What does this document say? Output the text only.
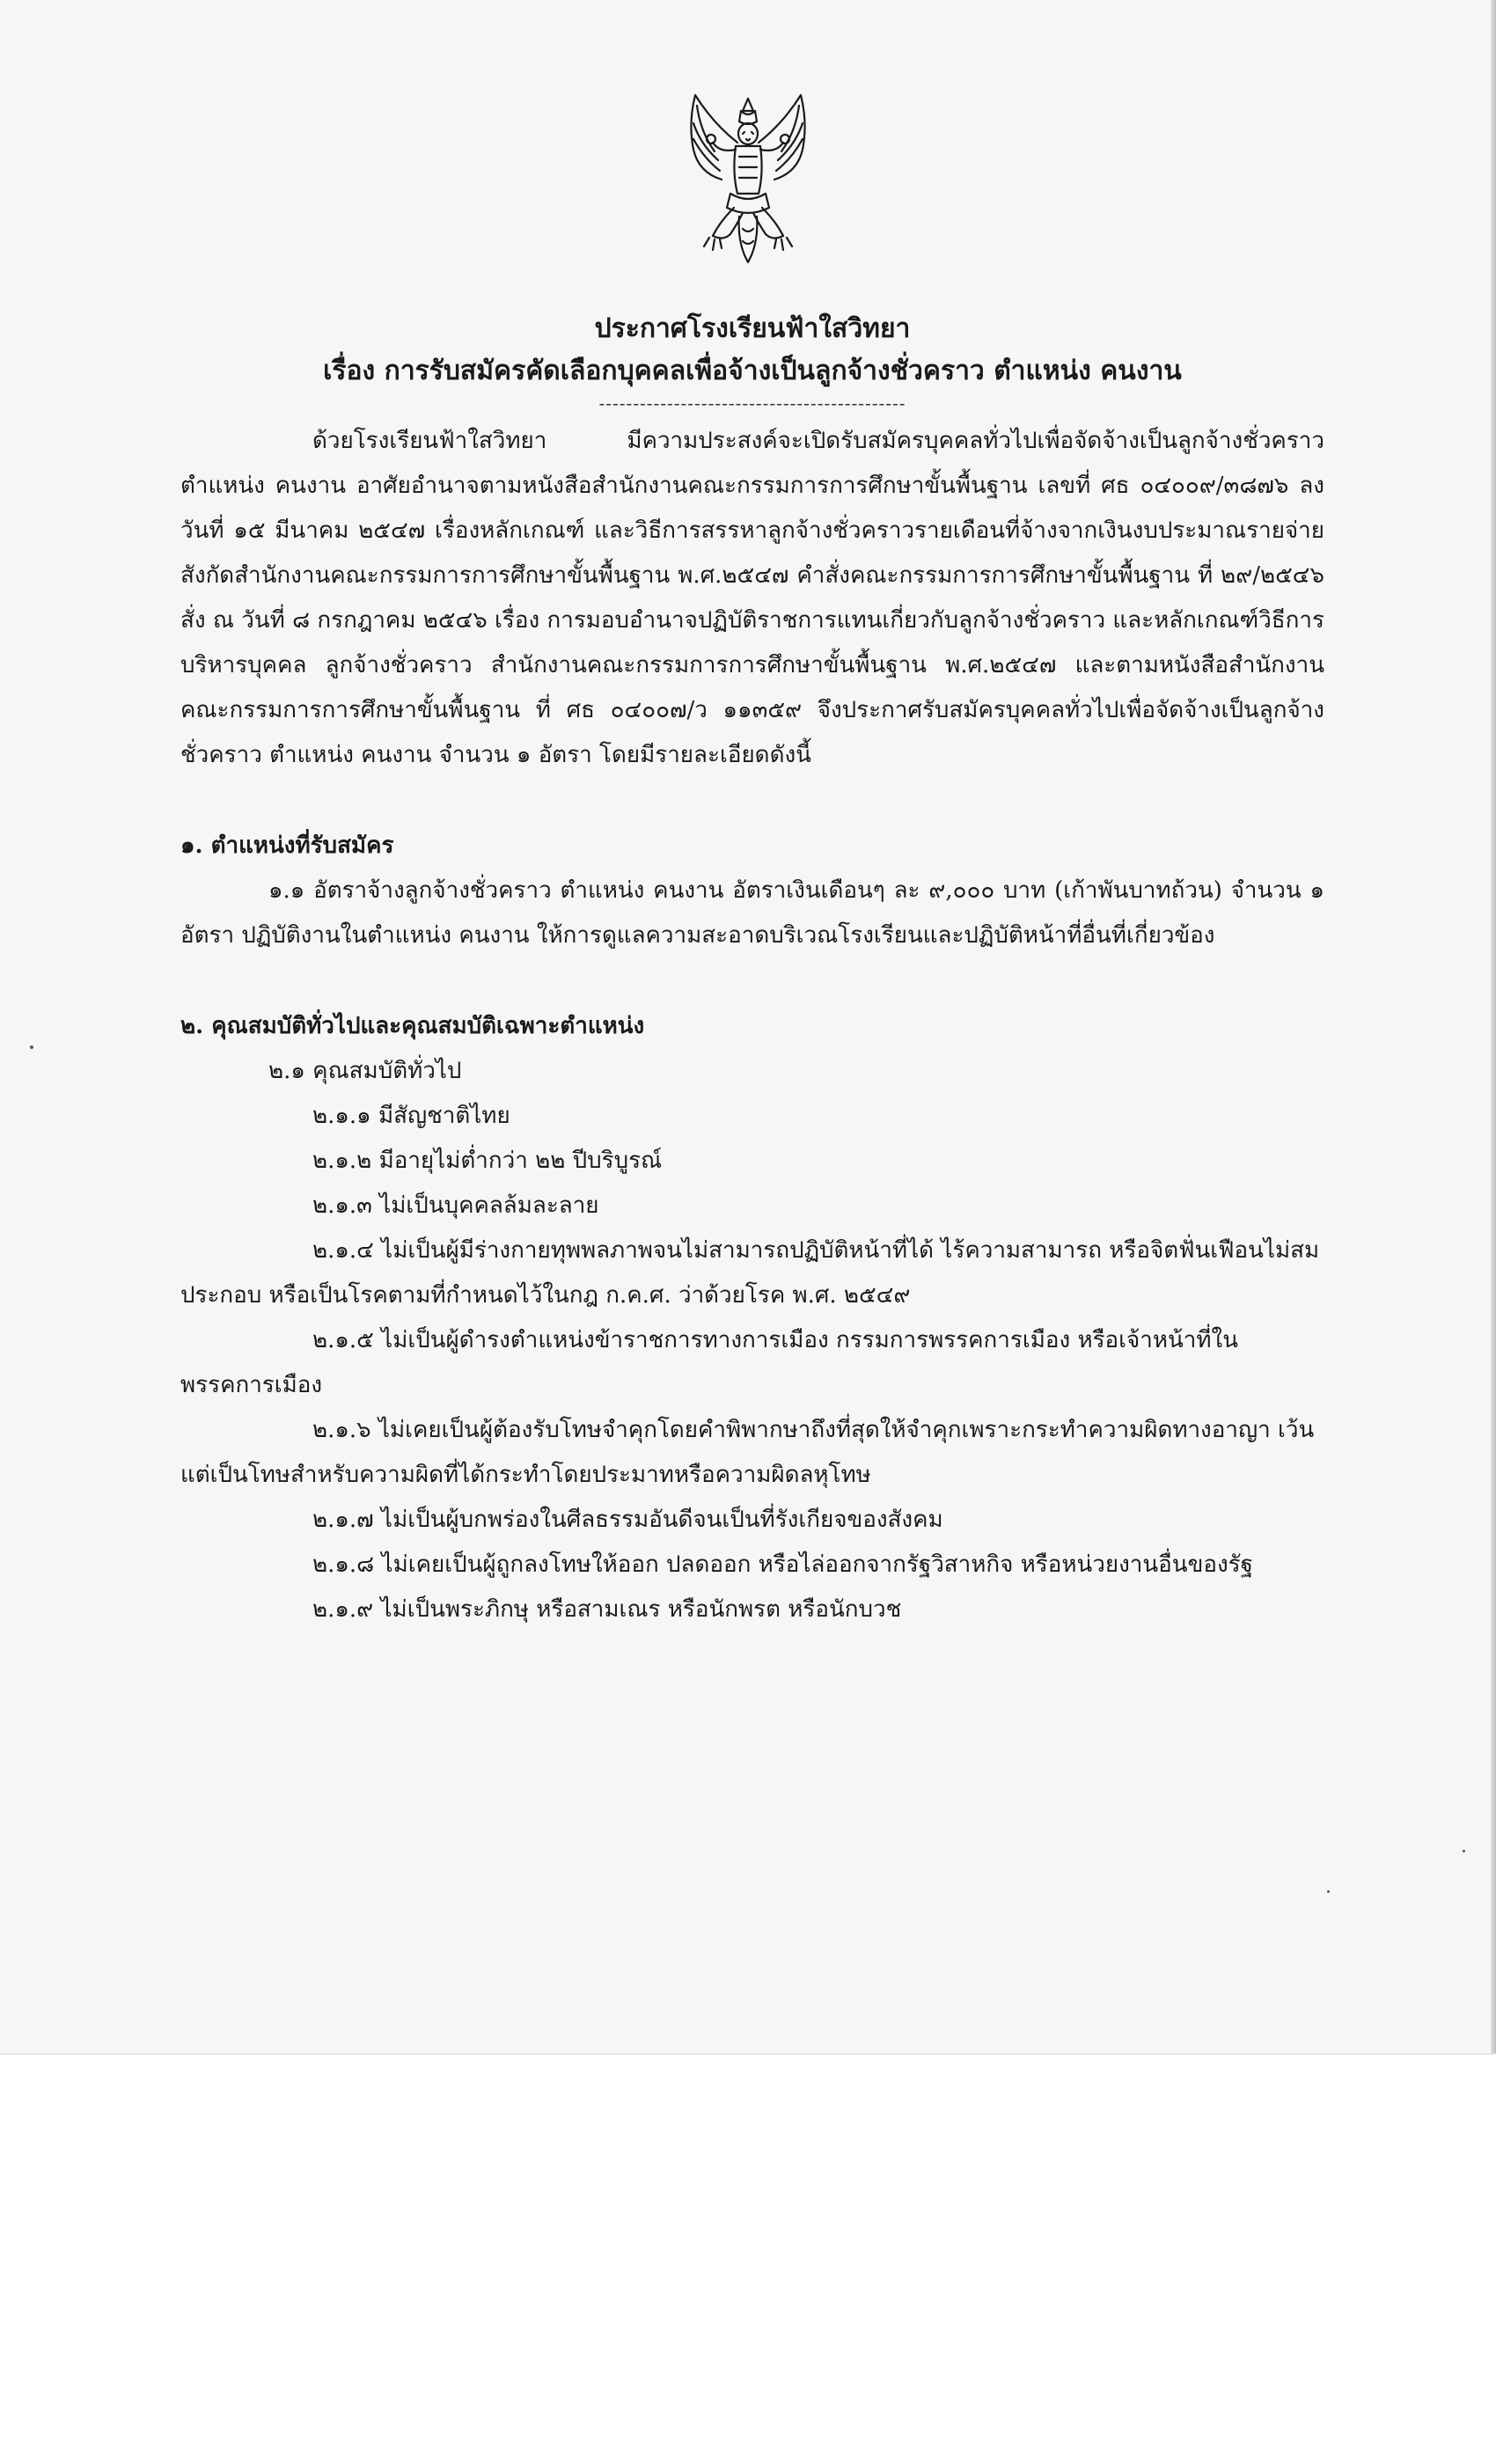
ประกาศโรงเรียนฟ้าใสวิทยา

เรื่อง การรับสมัครคัดเลือกบุคคลเพื่อจ้างเป็นลูกจ้างชั่วคราว ตำแหน่ง คนงาน

---------------------------------------------

ด้วยโรงเรียนฟ้าใสวิทยา มีความประสงค์จะเปิดรับสมัครบุคคลทั่วไปเพื่อจัดจ้างเป็นลูกจ้างชั่วคราว ตำแหน่ง คนงาน อาศัยอำนาจตามหนังสือสำนักงานคณะกรรมการการศึกษาขั้นพื้นฐาน เลขที่ ศธ ๐๔๐๐๙/๓๘๗๖ ลงวันที่ ๑๕ มีนาคม ๒๕๔๗ เรื่องหลักเกณฑ์ และวิธีการสรรหาลูกจ้างชั่วคราวรายเดือนที่จ้างจากเงินงบประมาณรายจ่ายสังกัดสำนักงานคณะกรรมการการศึกษาขั้นพื้นฐาน พ.ศ.๒๕๔๗ คำสั่งคณะกรรมการการศึกษาขั้นพื้นฐาน ที่ ๒๙/๒๕๔๖ สั่ง ณ วันที่ ๘ กรกฎาคม ๒๕๔๖ เรื่อง การมอบอำนาจปฏิบัติราชการแทนเกี่ยวกับลูกจ้างชั่วคราว และหลักเกณฑ์วิธีการบริหารบุคคล ลูกจ้างชั่วคราว สำนักงานคณะกรรมการการศึกษาขั้นพื้นฐาน พ.ศ.๒๕๔๗ และตามหนังสือสำนักงานคณะกรรมการการศึกษาขั้นพื้นฐาน ที่ ศธ ๐๔๐๐๗/ว ๑๑๓๕๙ จึงประกาศรับสมัครบุคคลทั่วไปเพื่อจัดจ้างเป็นลูกจ้างชั่วคราว ตำแหน่ง คนงาน จำนวน ๑ อัตรา โดยมีรายละเอียดดังนี้

๑. ตำแหน่งที่รับสมัคร

๑.๑ อัตราจ้างลูกจ้างชั่วคราว ตำแหน่ง คนงาน อัตราเงินเดือนๆ ละ ๙,๐๐๐ บาท (เก้าพันบาทถ้วน) จำนวน ๑ อัตรา ปฏิบัติงานในตำแหน่ง คนงาน ให้การดูแลความสะอาดบริเวณโรงเรียนและปฏิบัติหน้าที่อื่นที่เกี่ยวข้อง

๒. คุณสมบัติทั่วไปและคุณสมบัติเฉพาะตำแหน่ง

๒.๑ คุณสมบัติทั่วไป

๒.๑.๑ มีสัญชาติไทย

๒.๑.๒ มีอายุไม่ต่ำกว่า ๒๒ ปีบริบูรณ์

๒.๑.๓ ไม่เป็นบุคคลล้มละลาย

๒.๑.๔ ไม่เป็นผู้มีร่างกายทุพพลภาพจนไม่สามารถปฏิบัติหน้าที่ได้ ไร้ความสามารถ หรือจิตฟั่นเฟือนไม่สมประกอบ หรือเป็นโรคตามที่กำหนดไว้ในกฎ ก.ค.ศ. ว่าด้วยโรค พ.ศ. ๒๕๔๙

๒.๑.๕ ไม่เป็นผู้ดำรงตำแหน่งข้าราชการทางการเมือง กรรมการพรรคการเมือง หรือเจ้าหน้าที่ในพรรคการเมือง

๒.๑.๖ ไม่เคยเป็นผู้ต้องรับโทษจำคุกโดยคำพิพากษาถึงที่สุดให้จำคุกเพราะกระทำความผิดทางอาญา เว้นแต่เป็นโทษสำหรับความผิดที่ได้กระทำโดยประมาทหรือความผิดลหุโทษ

๒.๑.๗ ไม่เป็นผู้บกพร่องในศีลธรรมอันดีจนเป็นที่รังเกียจของสังคม

๒.๑.๘ ไม่เคยเป็นผู้ถูกลงโทษให้ออก ปลดออก หรือไล่ออกจากรัฐวิสาหกิจ หรือหน่วยงานอื่นของรัฐ

๒.๑.๙ ไม่เป็นพระภิกษุ หรือสามเณร หรือนักพรต หรือนักบวช
